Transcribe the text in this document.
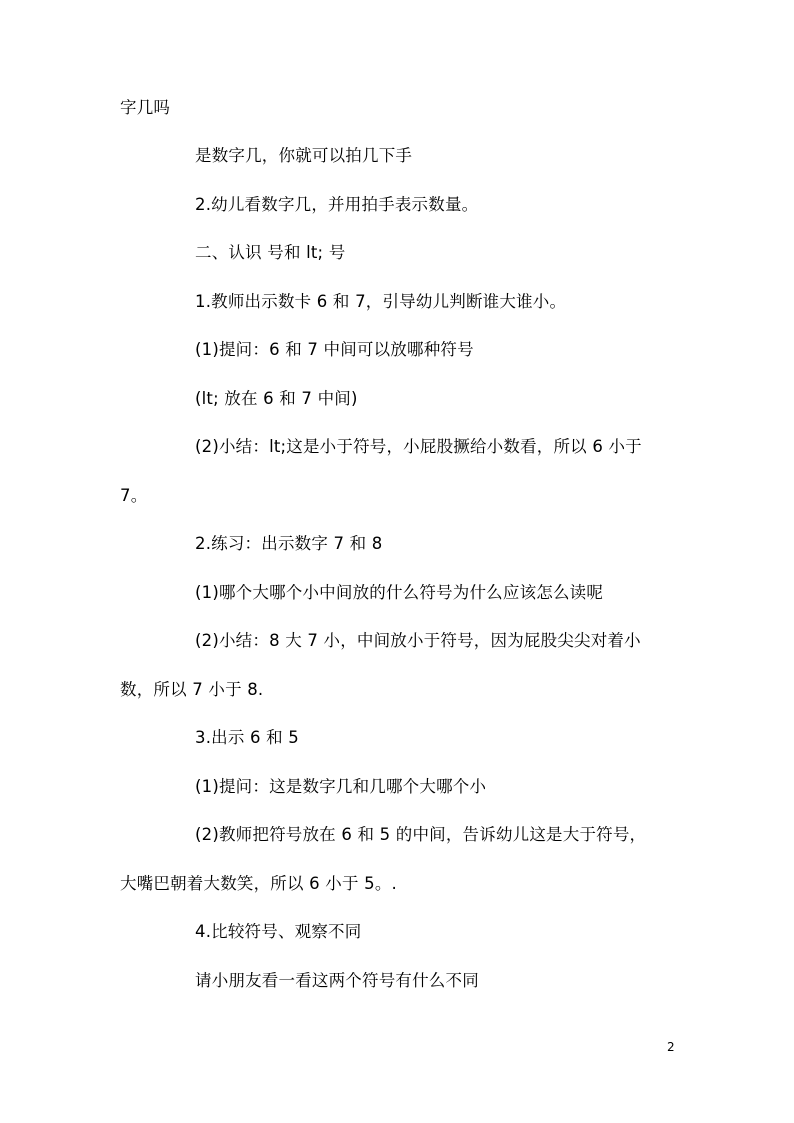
字几吗
是数字几，你就可以拍几下手
2.幼儿看数字几，并用拍手表示数量。
二、认识 号和 lt; 号
1.教师出示数卡 6 和 7，引导幼儿判断谁大谁小。
(1)提问：6 和 7 中间可以放哪种符号
(lt; 放在 6 和 7 中间)
(2)小结：lt;这是小于符号，小屁股撅给小数看，所以 6 小于
7。
2.练习：出示数字 7 和 8
(1)哪个大哪个小中间放的什么符号为什么应该怎么读呢
(2)小结：8 大 7 小，中间放小于符号，因为屁股尖尖对着小
数，所以 7 小于 8.
3.出示 6 和 5
(1)提问：这是数字几和几哪个大哪个小
(2)教师把符号放在 6 和 5 的中间，告诉幼儿这是大于符号，
大嘴巴朝着大数笑，所以 6 小于 5。.
4.比较符号、观察不同
请小朋友看一看这两个符号有什么不同
2
